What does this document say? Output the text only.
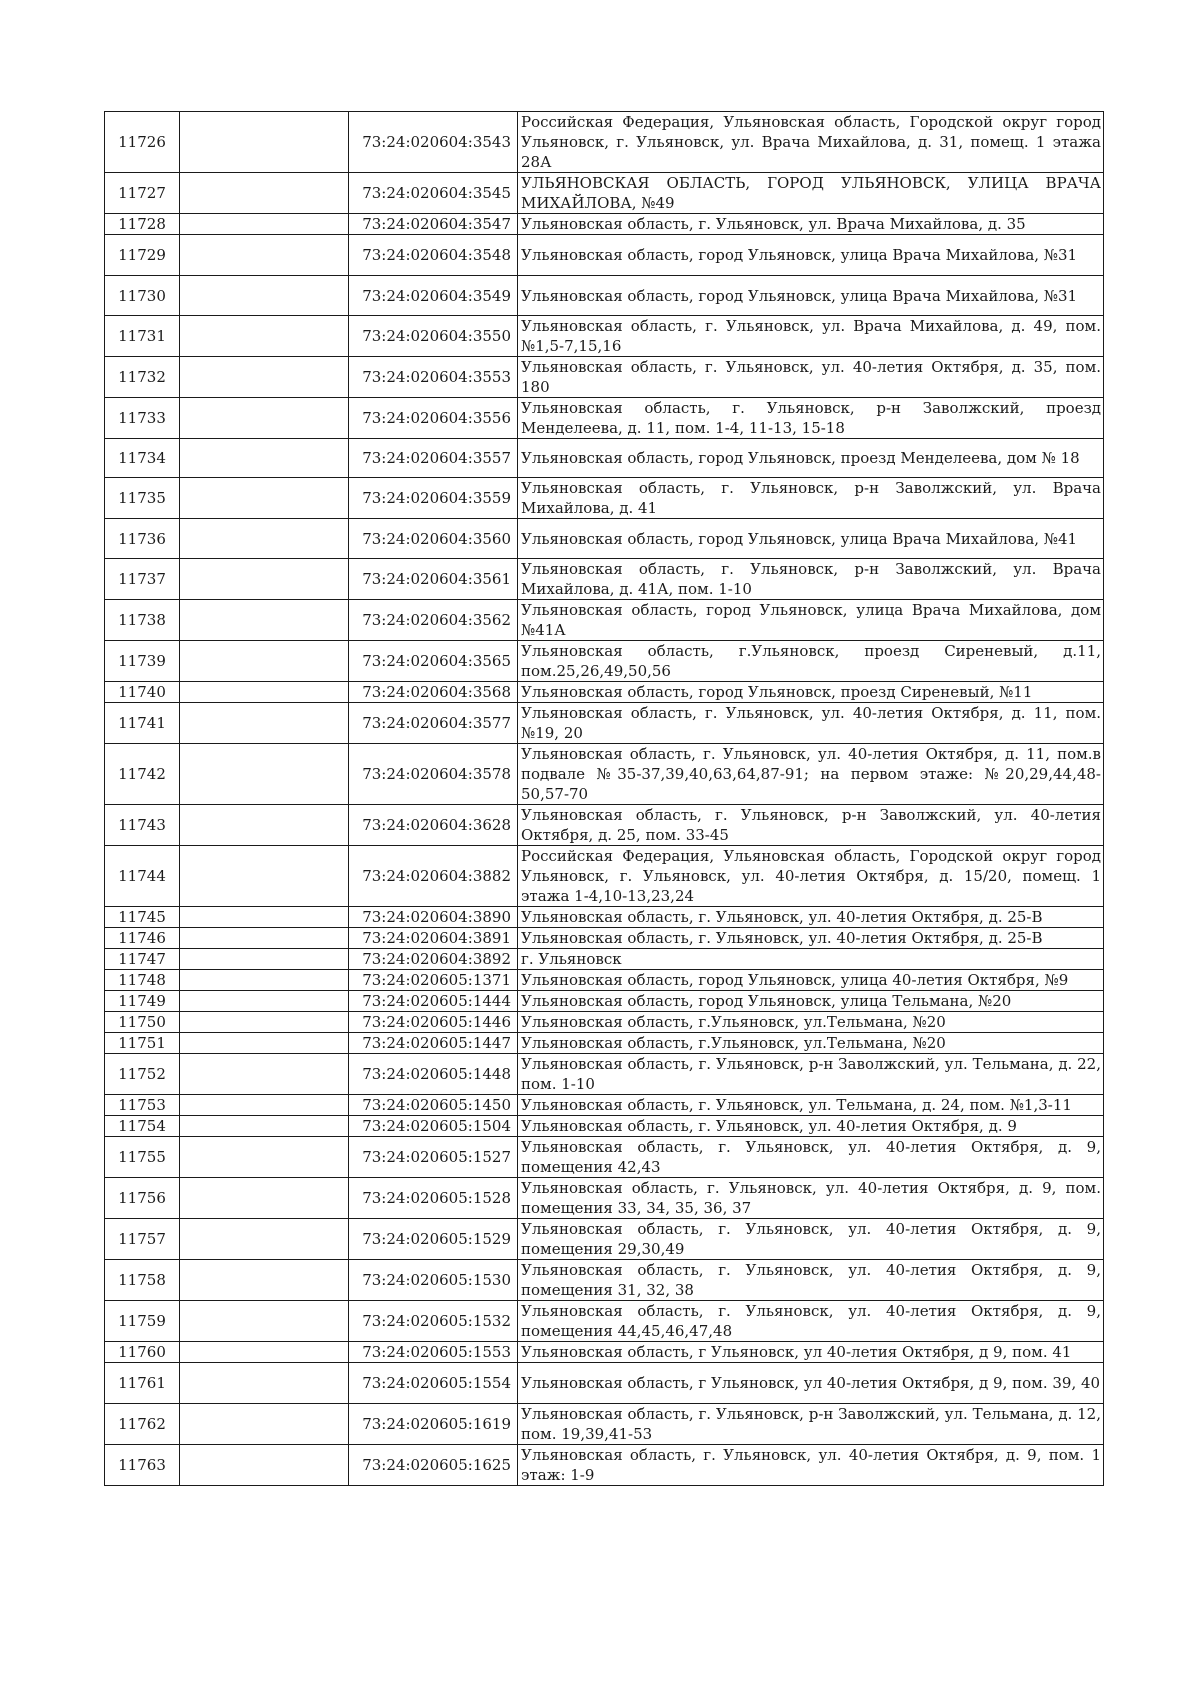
11726		73:24:020604:3543	Российская Федерация, Ульяновская область, Городской округ город Ульяновск, г. Ульяновск, ул. Врача Михайлова, д. 31, помещ. 1 этажа 28А
11727		73:24:020604:3545	УЛЬЯНОВСКАЯ ОБЛАСТЬ, ГОРОД УЛЬЯНОВСК, УЛИЦА ВРАЧА МИХАЙЛОВА, №49
11728		73:24:020604:3547	Ульяновская область, г. Ульяновск, ул. Врача Михайлова, д. 35
11729		73:24:020604:3548	Ульяновская область, город Ульяновск, улица Врача Михайлова, №31
11730		73:24:020604:3549	Ульяновская область, город Ульяновск, улица Врача Михайлова, №31
11731		73:24:020604:3550	Ульяновская область, г. Ульяновск, ул. Врача Михайлова, д. 49, пом. №1,5-7,15,16
11732		73:24:020604:3553	Ульяновская область, г. Ульяновск, ул. 40-летия Октября, д. 35, пом. 180
11733		73:24:020604:3556	Ульяновская область, г. Ульяновск, р-н Заволжский, проезд Менделеева, д. 11, пом. 1-4, 11-13, 15-18
11734		73:24:020604:3557	Ульяновская область, город Ульяновск, проезд Менделеева, дом № 18
11735		73:24:020604:3559	Ульяновская область, г. Ульяновск, р-н Заволжский, ул. Врача Михайлова, д. 41
11736		73:24:020604:3560	Ульяновская область, город Ульяновск, улица Врача Михайлова, №41
11737		73:24:020604:3561	Ульяновская область, г. Ульяновск, р-н Заволжский, ул. Врача Михайлова, д. 41А, пом. 1-10
11738		73:24:020604:3562	Ульяновская область, город Ульяновск, улица Врача Михайлова, дом №41А
11739		73:24:020604:3565	Ульяновская область, г.Ульяновск, проезд Сиреневый, д.11, пом.25,26,49,50,56
11740		73:24:020604:3568	Ульяновская область, город Ульяновск, проезд Сиреневый, №11
11741		73:24:020604:3577	Ульяновская область, г. Ульяновск, ул. 40-летия Октября, д. 11, пом.№19, 20
11742		73:24:020604:3578	Ульяновская область, г. Ульяновск, ул. 40-летия Октября, д. 11, пом.в подвале №35-37,39,40,63,64,87-91; на первом этаже: №20,29,44,48-50,57-70
11743		73:24:020604:3628	Ульяновская область, г. Ульяновск, р-н Заволжский, ул. 40-летия Октября, д. 25, пом. 33-45
11744		73:24:020604:3882	Российская Федерация, Ульяновская область, Городской округ город Ульяновск, г. Ульяновск, ул. 40-летия Октября, д. 15/20, помещ. 1 этажа 1-4,10-13,23,24
11745		73:24:020604:3890	Ульяновская область, г. Ульяновск, ул. 40-летия Октября, д. 25-В
11746		73:24:020604:3891	Ульяновская область, г. Ульяновск, ул. 40-летия Октября, д. 25-В
11747		73:24:020604:3892	г. Ульяновск
11748		73:24:020605:1371	Ульяновская область, город Ульяновск, улица 40-летия Октября, №9
11749		73:24:020605:1444	Ульяновская область, город Ульяновск, улица Тельмана, №20
11750		73:24:020605:1446	Ульяновская область, г.Ульяновск, ул.Тельмана, №20
11751		73:24:020605:1447	Ульяновская область, г.Ульяновск, ул.Тельмана, №20
11752		73:24:020605:1448	Ульяновская область, г. Ульяновск, р-н Заволжский, ул. Тельмана, д. 22, пом. 1-10
11753		73:24:020605:1450	Ульяновская область, г. Ульяновск, ул. Тельмана, д. 24, пом. №1,3-11
11754		73:24:020605:1504	Ульяновская область, г. Ульяновск, ул. 40-летия Октября, д. 9
11755		73:24:020605:1527	Ульяновская область, г. Ульяновск, ул. 40-летия Октября, д. 9, помещения 42,43
11756		73:24:020605:1528	Ульяновская область, г. Ульяновск, ул. 40-летия Октября, д. 9, пом. помещения 33, 34, 35, 36, 37
11757		73:24:020605:1529	Ульяновская область, г. Ульяновск, ул. 40-летия Октября, д. 9, помещения 29,30,49
11758		73:24:020605:1530	Ульяновская область, г. Ульяновск, ул. 40-летия Октября, д. 9, помещения 31, 32, 38
11759		73:24:020605:1532	Ульяновская область, г. Ульяновск, ул. 40-летия Октября, д. 9, помещения 44,45,46,47,48
11760		73:24:020605:1553	Ульяновская область, г Ульяновск, ул 40-летия Октября, д 9, пом. 41
11761		73:24:020605:1554	Ульяновская область, г Ульяновск, ул 40-летия Октября, д 9, пом. 39, 40
11762		73:24:020605:1619	Ульяновская область, г. Ульяновск, р-н Заволжский, ул. Тельмана, д. 12, пом. 19,39,41-53
11763		73:24:020605:1625	Ульяновская область, г. Ульяновск, ул. 40-летия Октября, д. 9, пом. 1 этаж: 1-9
